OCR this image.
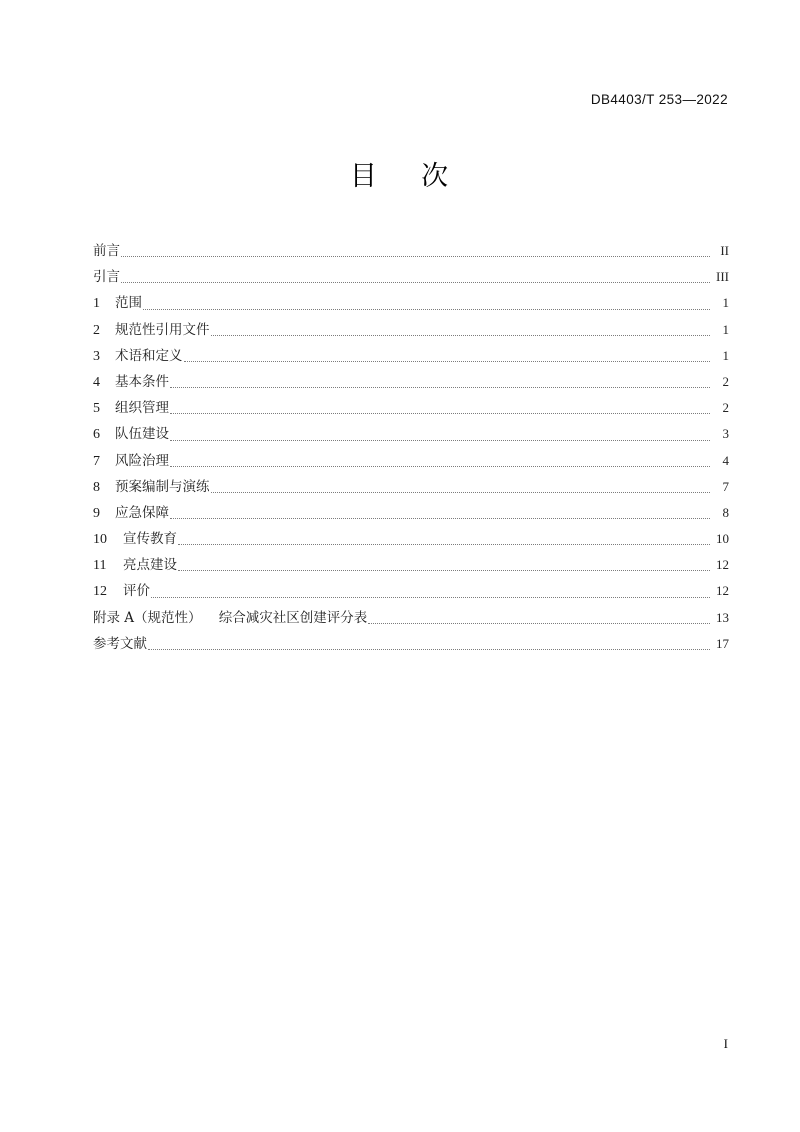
DB4403/T 253—2022
目    次
前言	II
引言	III
1	范围	1
2	规范性引用文件	1
3	术语和定义	1
4	基本条件	2
5	组织管理	2
6	队伍建设	3
7	风险治理	4
8	预案编制与演练	7
9	应急保障	8
10	宣传教育	10
11	亮点建设	12
12	评价	12
附录 A（规范性）    综合减灾社区创建评分表	13
参考文献	17
I
